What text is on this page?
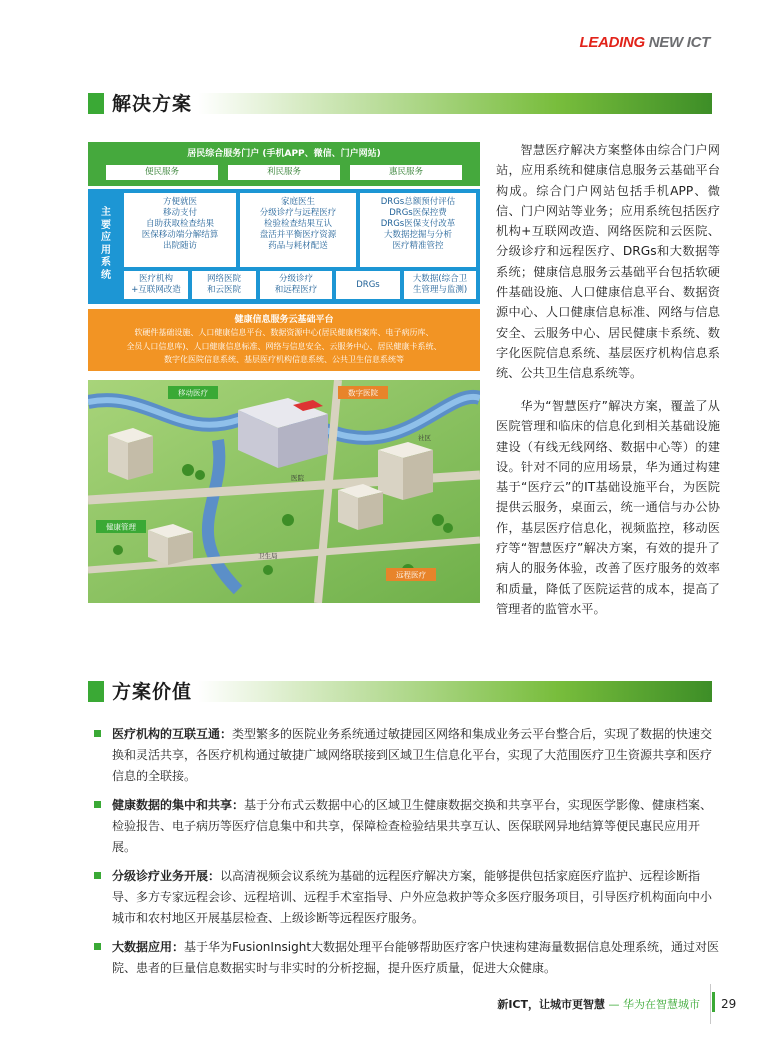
LEADING NEW ICT
解决方案
居民综合服务门户 (手机APP、微信、门户网站)
便民服务	利民服务	惠民服务
主
要
应
用
系
统
方便就医
移动支付
自助获取检查结果
医保移动端分解结算
出院随访
家庭医生
分级诊疗与远程医疗
检验检查结果互认
盘活并平衡医疗资源
药品与耗材配送
DRGs总额预付评估
DRGs医保控费
DRGs医保支付改革
大数据挖掘与分析
医疗精准管控
医疗机构
+互联网改造
网络医院
和云医院
分级诊疗
和远程医疗	DRGs
大数据(综合卫
生管理与监测)
健康信息服务云基础平台
软硬件基础设施、人口健康信息平台、数据资源中心(居民健康档案库、电子病历库、
全员人口信息库)、人口健康信息标准、网络与信息安全、云服务中心、居民健康卡系统、
数字化医院信息系统、基层医疗机构信息系统、公共卫生信息系统等
移动医疗	数字医院
健康管理
远程医疗
卫生局
社区
医院

智慧医疗解决方案整体由综合门户网站，应用系统和健康信息服务云基础平台构成。综合门户网站包括手机APP、微信、门户网站等业务；应用系统包括医疗机构+互联网改造、网络医院和云医院、分级诊疗和远程医疗、DRGs和大数据等系统；健康信息服务云基础平台包括软硬件基础设施、人口健康信息平台、数据资源中心、人口健康信息标准、网络与信息安全、云服务中心、居民健康卡系统、数字化医院信息系统、基层医疗机构信息系统、公共卫生信息系统等。

华为“智慧医疗”解决方案，覆盖了从医院管理和临床的信息化到相关基础设施建设（有线无线网络、数据中心等）的建设。针对不同的应用场景，华为通过构建基于“医疗云”的IT基础设施平台，为医院提供云服务，桌面云，统一通信与办公协作，基层医疗信息化，视频监控，移动医疗等“智慧医疗”解决方案，有效的提升了病人的服务体验，改善了医疗服务的效率和质量，降低了医院运营的成本，提高了管理者的监管水平。

方案价值
医疗机构的互联互通：类型繁多的医院业务系统通过敏捷园区网络和集成业务云平台整合后，实现了数据的快速交换和灵活共享，各医疗机构通过敏捷广域网络联接到区域卫生信息化平台，实现了大范围医疗卫生资源共享和医疗信息的全联接。
健康数据的集中和共享：基于分布式云数据中心的区域卫生健康数据交换和共享平台，实现医学影像、健康档案、检验报告、电子病历等医疗信息集中和共享，保障检查检验结果共享互认、医保联网异地结算等便民惠民应用开展。
分级诊疗业务开展：以高清视频会议系统为基础的远程医疗解决方案，能够提供包括家庭医疗监护、远程诊断指导、多方专家远程会诊、远程培训、远程手术室指导、户外应急救护等众多医疗服务项目，引导医疗机构面向中小城市和农村地区开展基层检查、上级诊断等远程医疗服务。
大数据应用：基于华为FusionInsight大数据处理平台能够帮助医疗客户快速构建海量数据信息处理系统，通过对医院、患者的巨量信息数据实时与非实时的分析挖掘，提升医疗质量，促进大众健康。
新ICT，让城市更智慧 — 华为在智慧城市 29
